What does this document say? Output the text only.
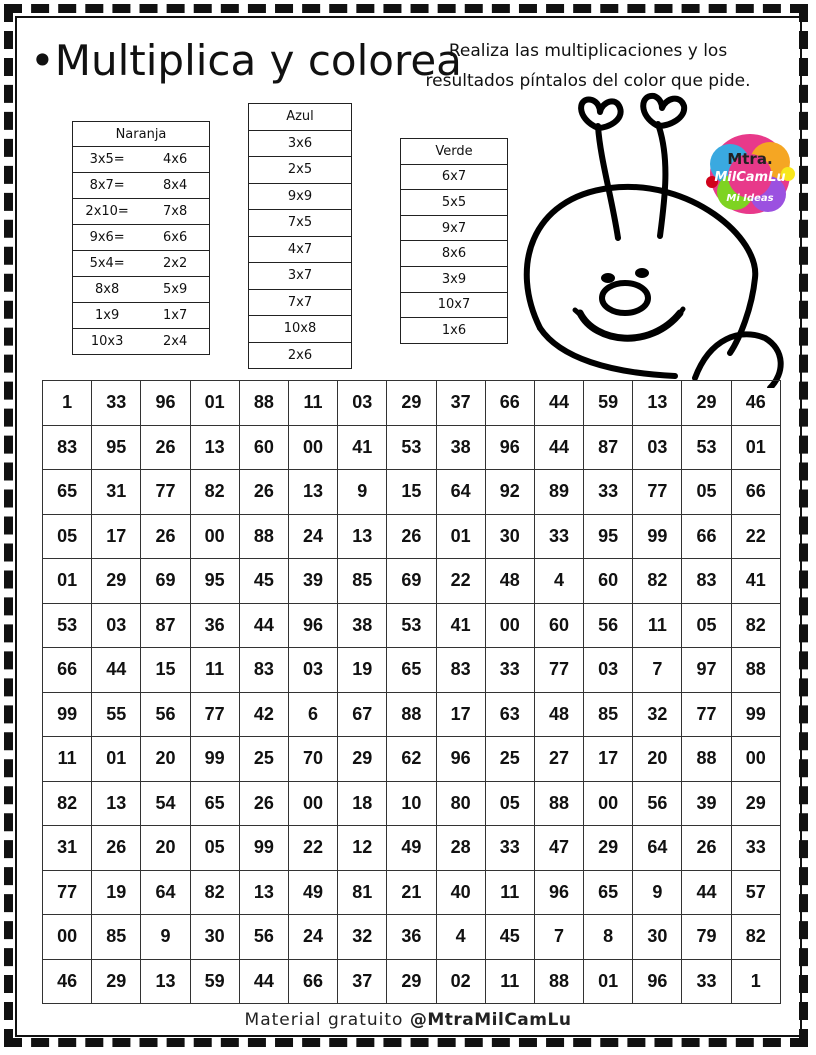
•Multiplica y colorea
Realiza las multiplicaciones y los
resultados píntalos del color que pide.
Naranja	
3x5=	4x6
8x7=	8x4
2x10=	7x8
9x6=	6x6
5x4=	2x2
8x8	5x9
1x9	1x7
10x3	2x4
Azul
3x6
2x5
9x9
7x5
4x7
3x7
7x7
10x8
2x6
Verde
6x7
5x5
9x7
8x6
3x9
10x7
1x6
Mtra.
MilCamLu
Mi Ideas
1	33	96	01	88	11	03	29	37	66	44	59	13	29	46
83	95	26	13	60	00	41	53	38	96	44	87	03	53	01
65	31	77	82	26	13	9	15	64	92	89	33	77	05	66
05	17	26	00	88	24	13	26	01	30	33	95	99	66	22
01	29	69	95	45	39	85	69	22	48	4	60	82	83	41
53	03	87	36	44	96	38	53	41	00	60	56	11	05	82
66	44	15	11	83	03	19	65	83	33	77	03	7	97	88
99	55	56	77	42	6	67	88	17	63	48	85	32	77	99
11	01	20	99	25	70	29	62	96	25	27	17	20	88	00
82	13	54	65	26	00	18	10	80	05	88	00	56	39	29
31	26	20	05	99	22	12	49	28	33	47	29	64	26	33
77	19	64	82	13	49	81	21	40	11	96	65	9	44	57
00	85	9	30	56	24	32	36	4	45	7	8	30	79	82
46	29	13	59	44	66	37	29	02	11	88	01	96	33	1
Material gratuito @MtraMilCamLu
